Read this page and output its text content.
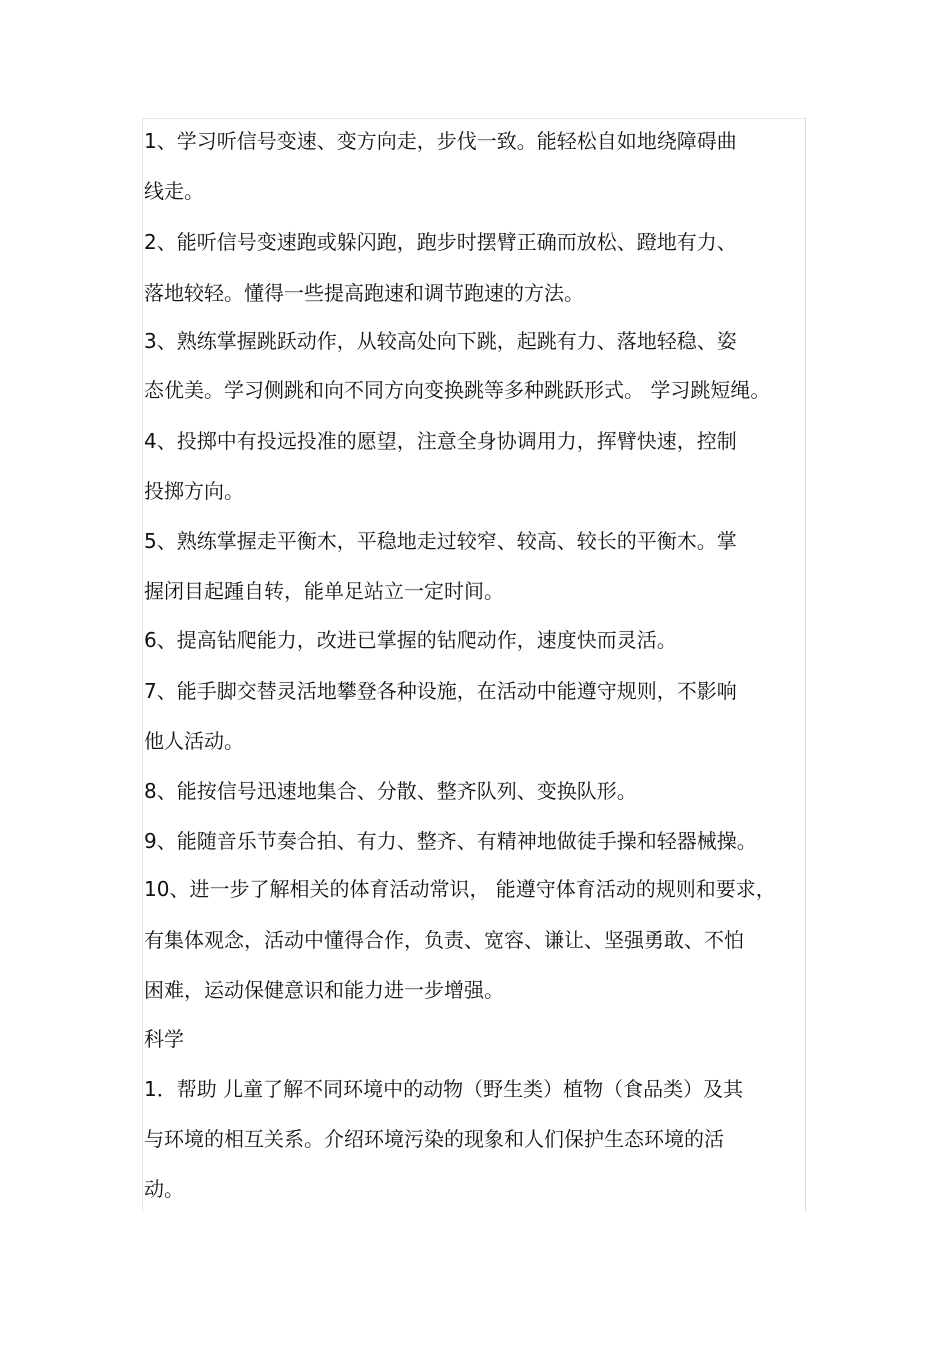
1、学习听信号变速、变方向走，步伐一致。能轻松自如地绕障碍曲
线走。
2、能听信号变速跑或躲闪跑，跑步时摆臂正确而放松、蹬地有力、
落地较轻。懂得一些提高跑速和调节跑速的方法。
3、熟练掌握跳跃动作，从较高处向下跳，起跳有力、落地轻稳、姿
态优美。学习侧跳和向不同方向变换跳等多种跳跃形式。 学习跳短绳。
4、投掷中有投远投准的愿望，注意全身协调用力，挥臂快速，控制
投掷方向。
5、熟练掌握走平衡木，平稳地走过较窄、较高、较长的平衡木。掌
握闭目起踵自转，能单足站立一定时间。
6、提高钻爬能力，改进已掌握的钻爬动作，速度快而灵活。
7、能手脚交替灵活地攀登各种设施，在活动中能遵守规则，不影响
他人活动。
8、能按信号迅速地集合、分散、整齐队列、变换队形。
9、能随音乐节奏合拍、有力、整齐、有精神地做徒手操和轻器械操。
10、进一步了解相关的体育活动常识， 能遵守体育活动的规则和要求，
有集体观念，活动中懂得合作，负责、宽容、谦让、坚强勇敢、不怕
困难，运动保健意识和能力进一步增强。
科学
1．帮助 儿童了解不同环境中的动物（野生类）植物（食品类）及其
与环境的相互关系。介绍环境污染的现象和人们保护生态环境的活
动。
